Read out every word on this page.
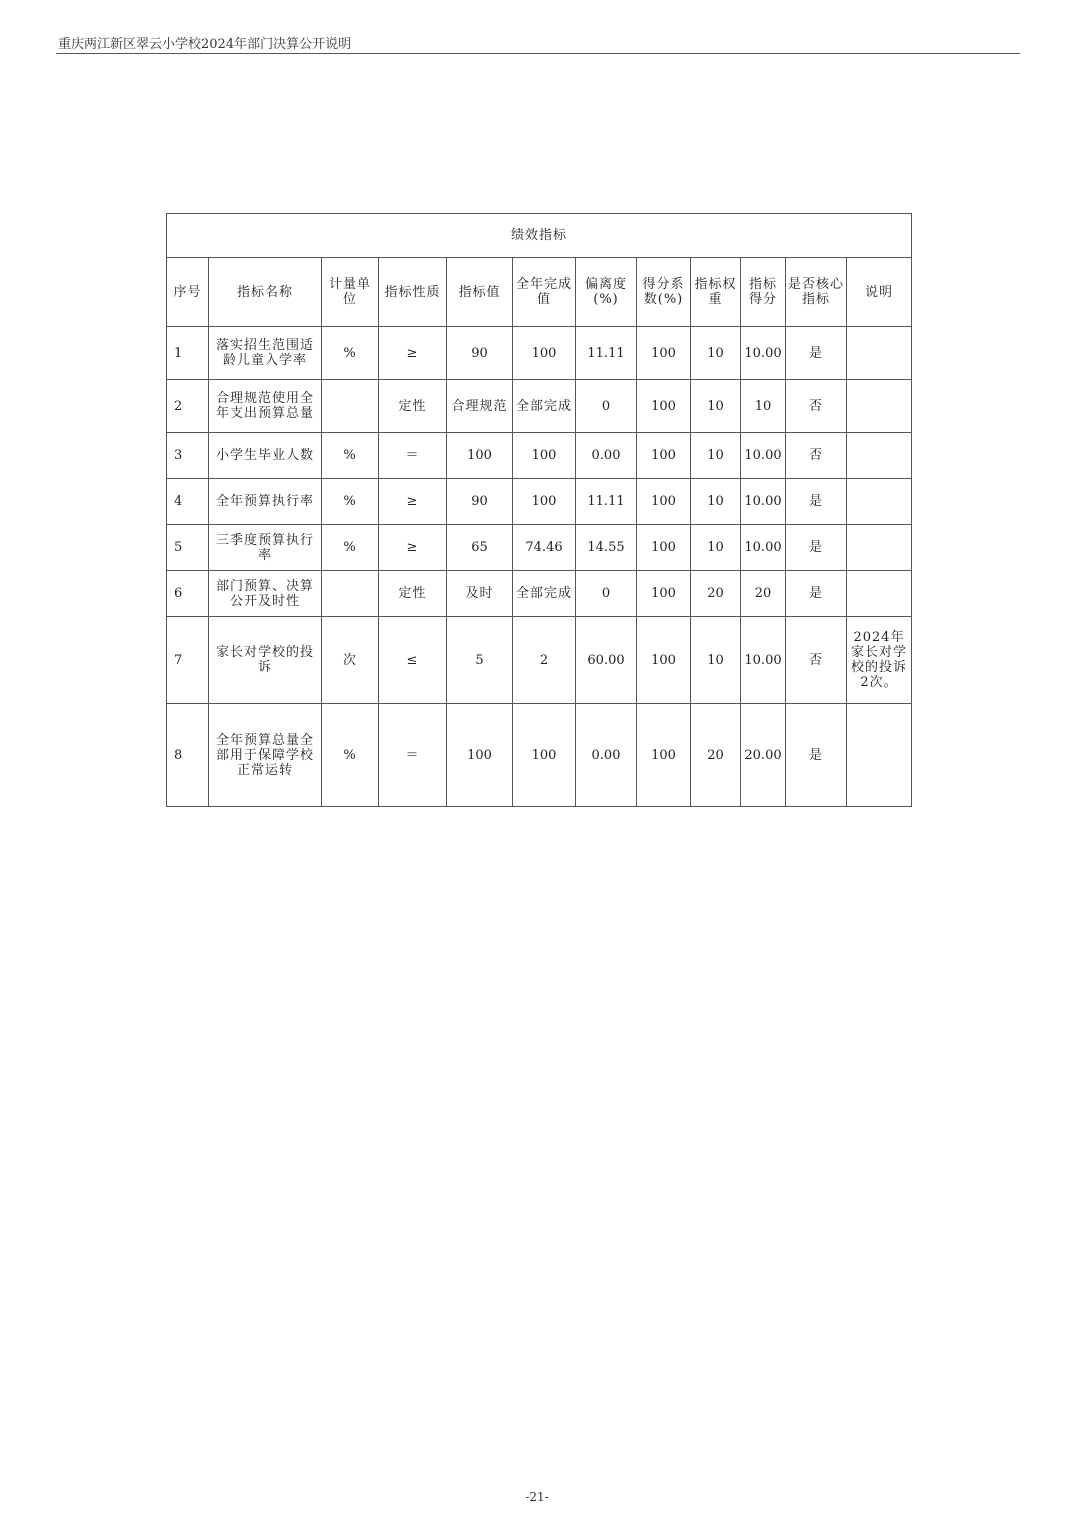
重庆两江新区翠云小学校2024年部门决算公开说明
绩效指标											
序号	指标名称	计量单位	指标性质	指标值	全年完成值	偏离度(%)	得分系数(%)	指标权重	指标得分	是否核心指标	说明
1	落实招生范围适龄儿童入学率	%	≥	90	100	11.11	100	10	10.00	是	
2	合理规范使用全年支出预算总量		定性	合理规范	全部完成	0	100	10	10	否	
3	小学生毕业人数	%	＝	100	100	0.00	100	10	10.00	否	
4	全年预算执行率	%	≥	90	100	11.11	100	10	10.00	是	
5	三季度预算执行率	%	≥	65	74.46	14.55	100	10	10.00	是	
6	部门预算、决算公开及时性		定性	及时	全部完成	0	100	20	20	是	
7	家长对学校的投诉	次	≤	5	2	60.00	100	10	10.00	否	2024年家长对学校的投诉2次。
8	全年预算总量全部用于保障学校正常运转	%	＝	100	100	0.00	100	20	20.00	是	
-21-
